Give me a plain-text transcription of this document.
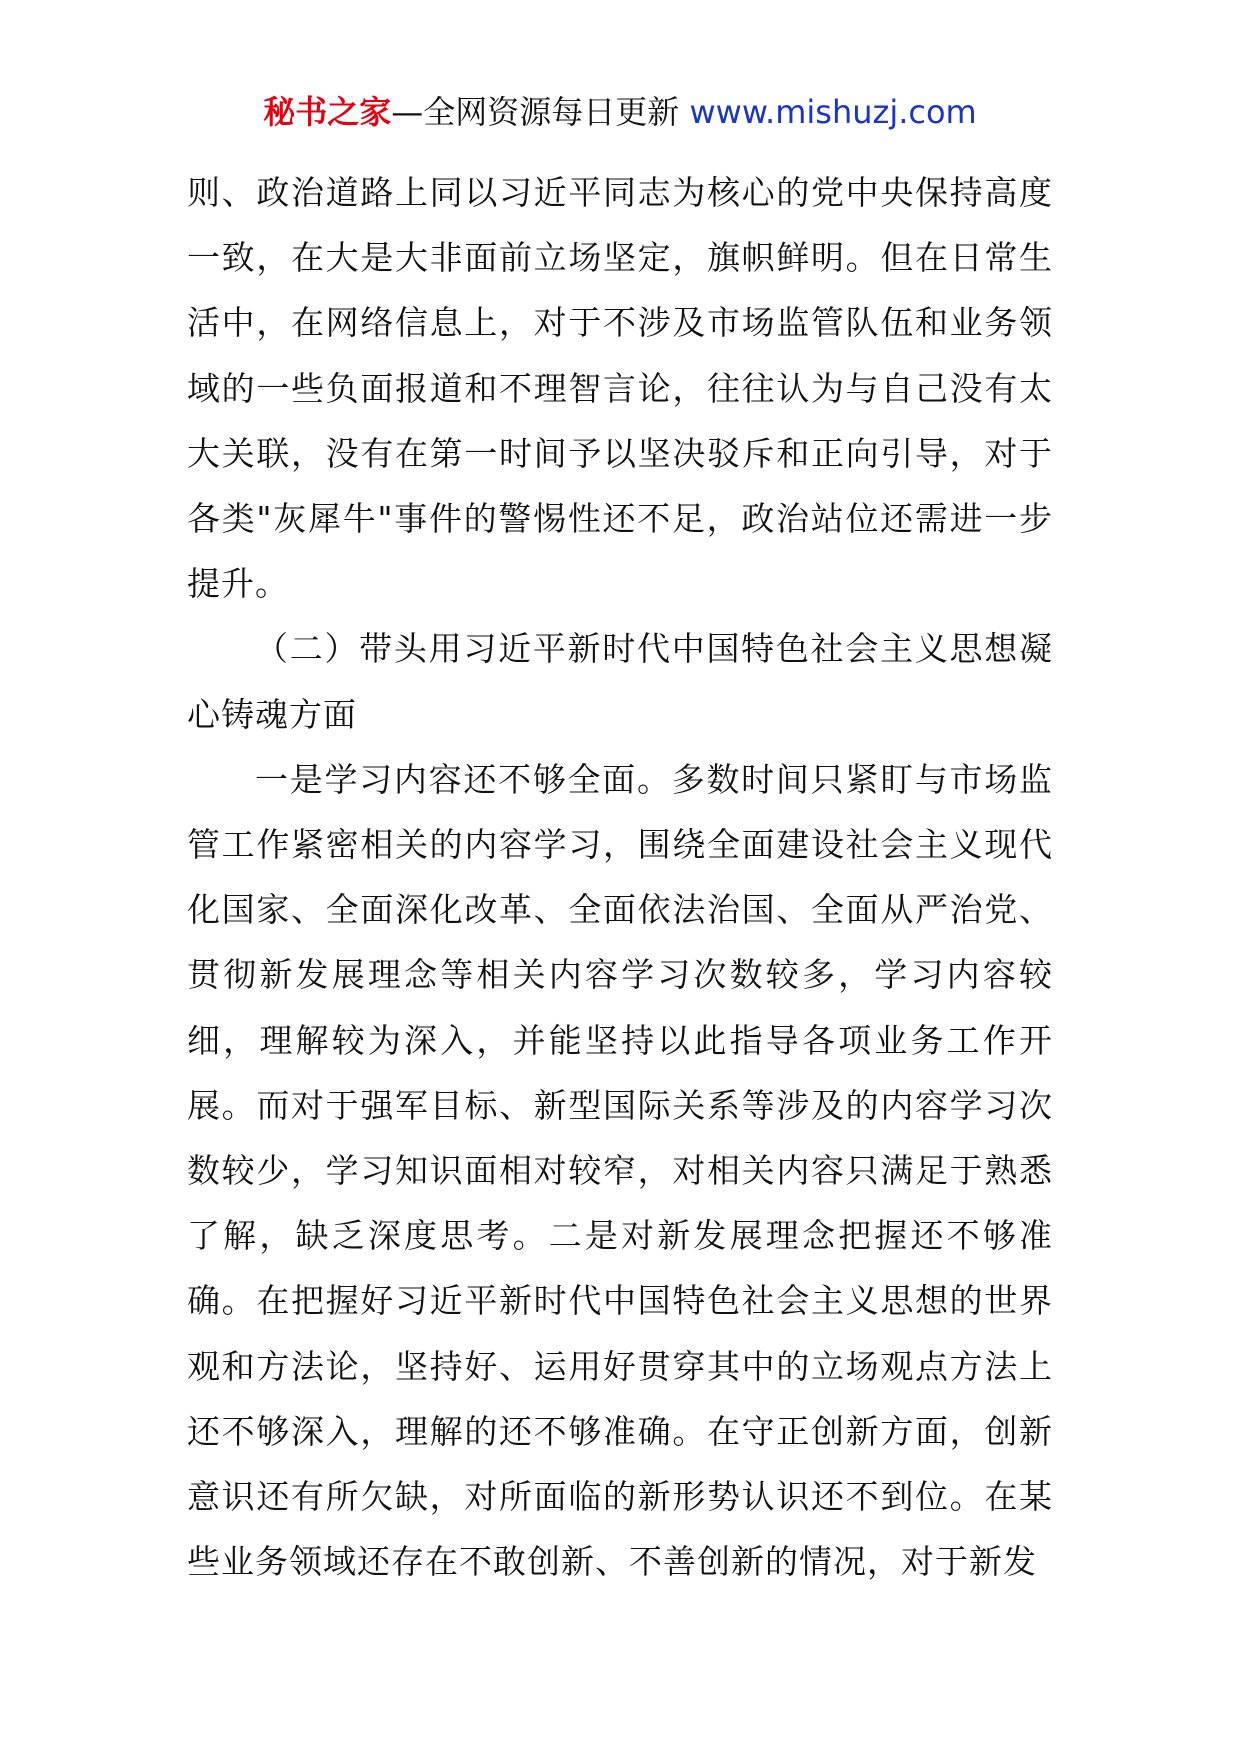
秘书之家—全网资源每日更新 www.mishuzj.com

则、政治道路上同以习近平同志为核心的党中央保持高度一致，在大是大非面前立场坚定，旗帜鲜明。但在日常生活中，在网络信息上，对于不涉及市场监管队伍和业务领域的一些负面报道和不理智言论，往往认为与自己没有太大关联，没有在第一时间予以坚决驳斥和正向引导，对于各类"灰犀牛"事件的警惕性还不足，政治站位还需进一步提升。

（二）带头用习近平新时代中国特色社会主义思想凝心铸魂方面

一是学习内容还不够全面。多数时间只紧盯与市场监管工作紧密相关的内容学习，围绕全面建设社会主义现代化国家、全面深化改革、全面依法治国、全面从严治党、贯彻新发展理念等相关内容学习次数较多，学习内容较细，理解较为深入，并能坚持以此指导各项业务工作开展。而对于强军目标、新型国际关系等涉及的内容学习次数较少，学习知识面相对较窄，对相关内容只满足于熟悉了解，缺乏深度思考。二是对新发展理念把握还不够准确。在把握好习近平新时代中国特色社会主义思想的世界观和方法论，坚持好、运用好贯穿其中的立场观点方法上还不够深入，理解的还不够准确。在守正创新方面，创新意识还有所欠缺，对所面临的新形势认识还不到位。在某些业务领域还存在不敢创新、不善创新的情况，对于新发
